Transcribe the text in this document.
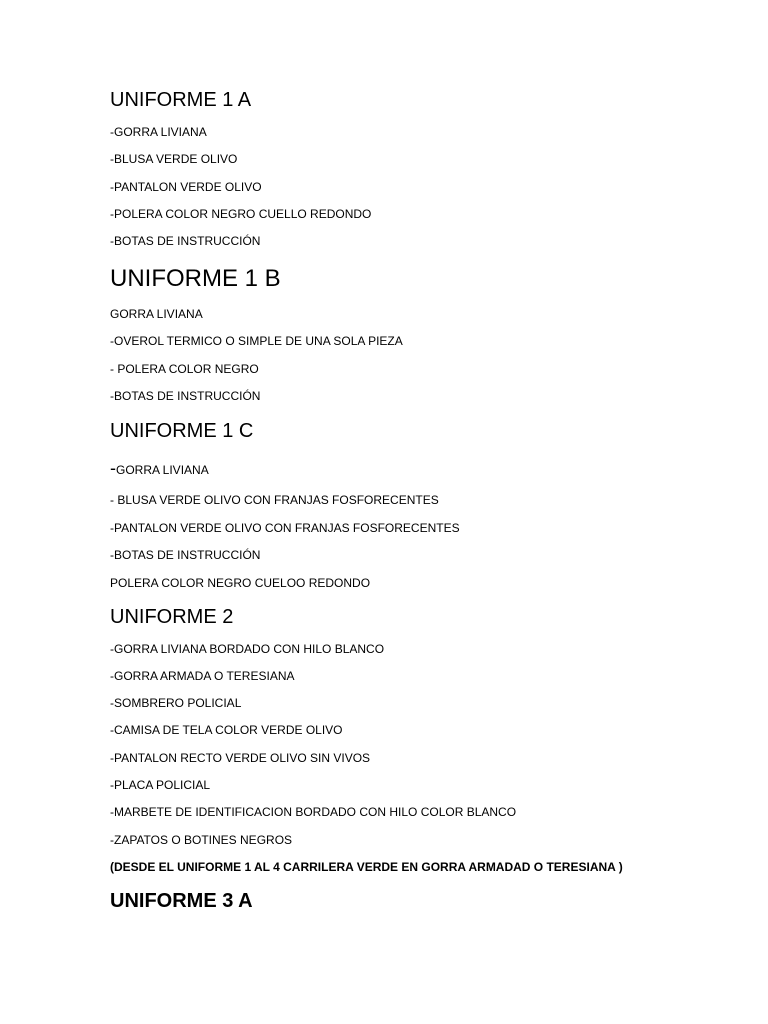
UNIFORME 1 A
-GORRA LIVIANA
-BLUSA VERDE OLIVO
-PANTALON VERDE OLIVO
-POLERA COLOR NEGRO CUELLO REDONDO
-BOTAS DE INSTRUCCIÓN
UNIFORME 1 B
GORRA LIVIANA
-OVEROL TERMICO O SIMPLE DE UNA SOLA PIEZA
- POLERA COLOR NEGRO
-BOTAS DE INSTRUCCIÓN
UNIFORME 1 C
-GORRA LIVIANA
- BLUSA VERDE OLIVO CON FRANJAS FOSFORECENTES
-PANTALON VERDE OLIVO CON FRANJAS FOSFORECENTES
-BOTAS DE INSTRUCCIÓN
POLERA COLOR NEGRO CUELOO REDONDO
UNIFORME 2
-GORRA LIVIANA BORDADO CON HILO BLANCO
-GORRA ARMADA O TERESIANA
-SOMBRERO POLICIAL
-CAMISA DE TELA COLOR VERDE OLIVO
-PANTALON RECTO VERDE OLIVO SIN VIVOS
-PLACA POLICIAL
-MARBETE DE IDENTIFICACION BORDADO CON HILO COLOR BLANCO
-ZAPATOS O BOTINES NEGROS
(DESDE EL UNIFORME 1 AL 4 CARRILERA VERDE EN GORRA ARMADAD O TERESIANA )
UNIFORME 3 A
